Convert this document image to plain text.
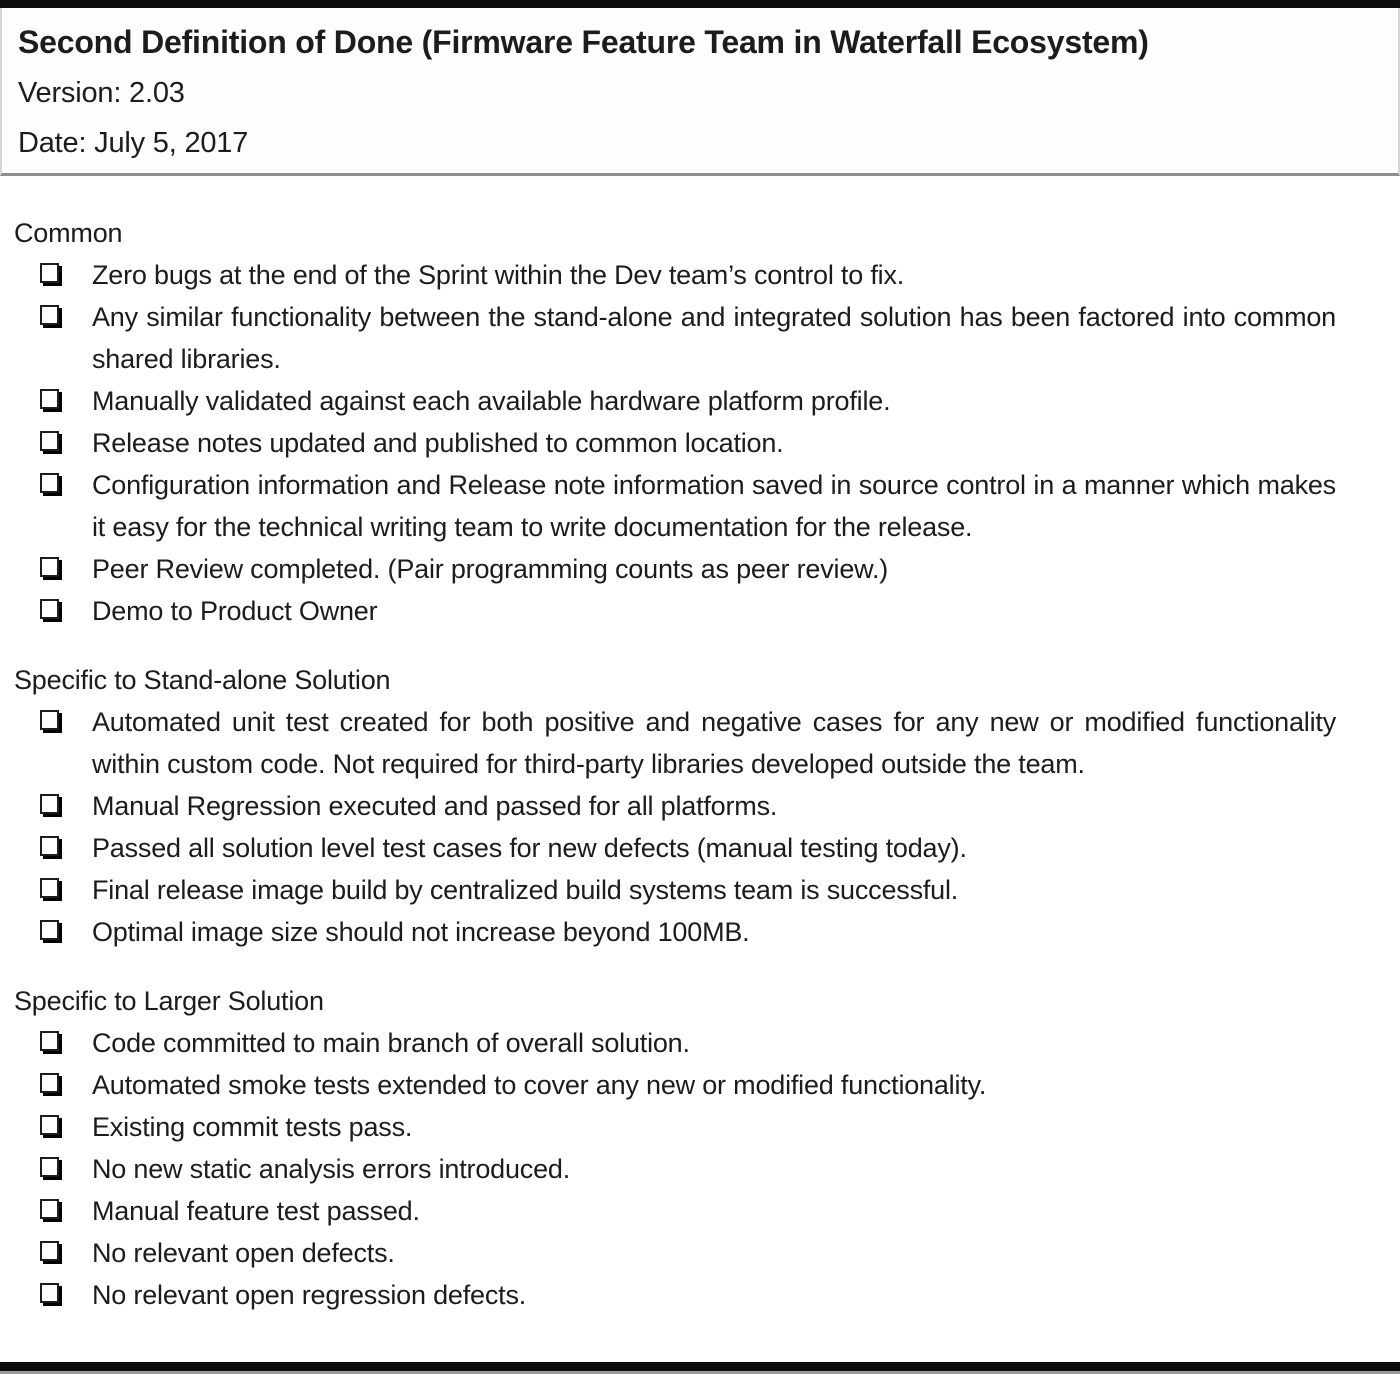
Second Definition of Done (Firmware Feature Team in Waterfall Ecosystem)
Version: 2.03
Date: July 5, 2017
Common
Zero bugs at the end of the Sprint within the Dev team’s control to fix.
Any similar functionality between the stand-alone and integrated solution has been factored into common shared libraries.
Manually validated against each available hardware platform profile.
Release notes updated and published to common location.
Configuration information and Release note information saved in source control in a manner which makes it easy for the technical writing team to write documentation for the release.
Peer Review completed. (Pair programming counts as peer review.)
Demo to Product Owner
Specific to Stand-alone Solution
Automated unit test created for both positive and negative cases for any new or modified functionality within custom code. Not required for third-party libraries developed outside the team.
Manual Regression executed and passed for all platforms.
Passed all solution level test cases for new defects (manual testing today).
Final release image build by centralized build systems team is successful.
Optimal image size should not increase beyond 100MB.
Specific to Larger Solution
Code committed to main branch of overall solution.
Automated smoke tests extended to cover any new or modified functionality.
Existing commit tests pass.
No new static analysis errors introduced.
Manual feature test passed.
No relevant open defects.
No relevant open regression defects.
